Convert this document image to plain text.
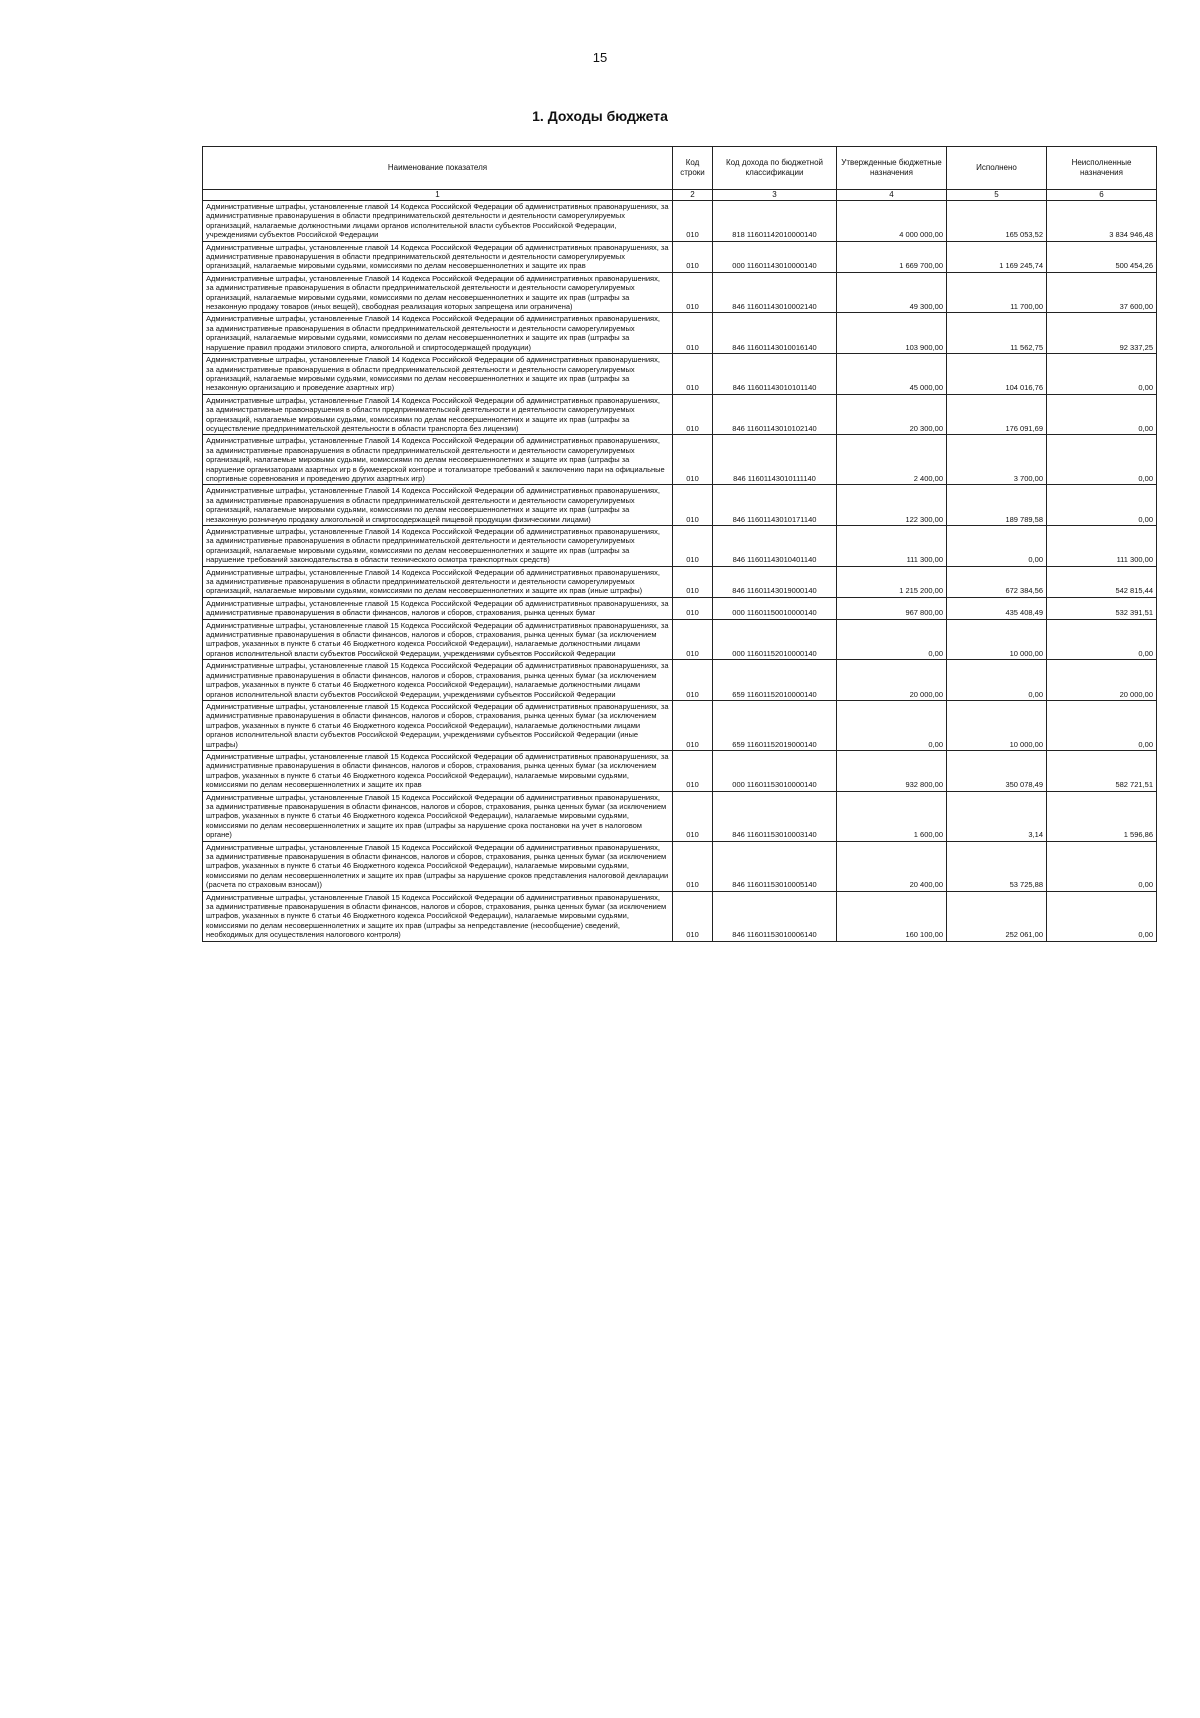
15
1. Доходы бюджета
Наименование показателя	Код строки	Код дохода по бюджетной классификации	Утвержденные бюджетные назначения	Исполнено	Неисполненные назначения
1	2	3	4	5	6
Административные штрафы, установленные главой 14 Кодекса Российской Федерации об административных правонарушениях, за административные правонарушения в области предпринимательской деятельности и деятельности саморегулируемых организаций, налагаемые должностными лицами органов исполнительной власти субъектов Российской Федерации, учреждениями субъектов Российской Федерации	010	818 11601142010000140	4 000 000,00	165 053,52	3 834 946,48
Административные штрафы, установленные главой 14 Кодекса Российской Федерации об административных правонарушениях, за административные правонарушения в области предпринимательской деятельности и деятельности саморегулируемых организаций, налагаемые мировыми судьями, комиссиями по делам несовершеннолетних и защите их прав	010	000 11601143010000140	1 669 700,00	1 169 245,74	500 454,26
Административные штрафы, установленные Главой 14 Кодекса Российской Федерации об административных правонарушениях, за административные правонарушения в области предпринимательской деятельности и деятельности саморегулируемых организаций, налагаемые мировыми судьями, комиссиями по делам несовершеннолетних и защите их прав (штрафы за незаконную продажу товаров (иных вещей), свободная реализация которых запрещена или ограничена)	010	846 11601143010002140	49 300,00	11 700,00	37 600,00
Административные штрафы, установленные Главой 14 Кодекса Российской Федерации об административных правонарушениях, за административные правонарушения в области предпринимательской деятельности и деятельности саморегулируемых организаций, налагаемые мировыми судьями, комиссиями по делам несовершеннолетних и защите их прав (штрафы за нарушение правил продажи этилового спирта, алкогольной и спиртосодержащей продукции)	010	846 11601143010016140	103 900,00	11 562,75	92 337,25
Административные штрафы, установленные Главой 14 Кодекса Российской Федерации об административных правонарушениях, за административные правонарушения в области предпринимательской деятельности и деятельности саморегулируемых организаций, налагаемые мировыми судьями, комиссиями по делам несовершеннолетних и защите их прав (штрафы за незаконную организацию и проведение азартных игр)	010	846 11601143010101140	45 000,00	104 016,76	0,00
Административные штрафы, установленные Главой 14 Кодекса Российской Федерации об административных правонарушениях, за административные правонарушения в области предпринимательской деятельности и деятельности саморегулируемых организаций, налагаемые мировыми судьями, комиссиями по делам несовершеннолетних и защите их прав (штрафы за осуществление предпринимательской деятельности в области транспорта без лицензии)	010	846 11601143010102140	20 300,00	176 091,69	0,00
Административные штрафы, установленные Главой 14 Кодекса Российской Федерации об административных правонарушениях, за административные правонарушения в области предпринимательской деятельности и деятельности саморегулируемых организаций, налагаемые мировыми судьями, комиссиями по делам несовершеннолетних и защите их прав (штрафы за нарушение организаторами азартных игр в букмекерской конторе и тотализаторе требований к заключению пари на официальные спортивные соревнования и проведению других азартных игр)	010	846 11601143010111140	2 400,00	3 700,00	0,00
Административные штрафы, установленные Главой 14 Кодекса Российской Федерации об административных правонарушениях, за административные правонарушения в области предпринимательской деятельности и деятельности саморегулируемых организаций, налагаемые мировыми судьями, комиссиями по делам несовершеннолетних и защите их прав (штрафы за незаконную розничную продажу алкогольной и спиртосодержащей пищевой продукции физическими лицами)	010	846 11601143010171140	122 300,00	189 789,58	0,00
Административные штрафы, установленные Главой 14 Кодекса Российской Федерации об административных правонарушениях, за административные правонарушения в области предпринимательской деятельности и деятельности саморегулируемых организаций, налагаемые мировыми судьями, комиссиями по делам несовершеннолетних и защите их прав (штрафы за нарушение требований законодательства в области технического осмотра транспортных средств)	010	846 11601143010401140	111 300,00	0,00	111 300,00
Административные штрафы, установленные Главой 14 Кодекса Российской Федерации об административных правонарушениях, за административные правонарушения в области предпринимательской деятельности и деятельности саморегулируемых организаций, налагаемые мировыми судьями, комиссиями по делам несовершеннолетних и защите их прав (иные штрафы)	010	846 11601143019000140	1 215 200,00	672 384,56	542 815,44
Административные штрафы, установленные главой 15 Кодекса Российской Федерации об административных правонарушениях, за административные правонарушения в области финансов, налогов и сборов, страхования, рынка ценных бумаг	010	000 11601150010000140	967 800,00	435 408,49	532 391,51
Административные штрафы, установленные главой 15 Кодекса Российской Федерации об административных правонарушениях, за административные правонарушения в области финансов, налогов и сборов, страхования, рынка ценных бумаг (за исключением штрафов, указанных в пункте 6 статьи 46 Бюджетного кодекса Российской Федерации), налагаемые должностными лицами органов исполнительной власти субъектов Российской Федерации, учреждениями субъектов Российской Федерации	010	000 11601152010000140	0,00	10 000,00	0,00
Административные штрафы, установленные главой 15 Кодекса Российской Федерации об административных правонарушениях, за административные правонарушения в области финансов, налогов и сборов, страхования, рынка ценных бумаг (за исключением штрафов, указанных в пункте 6 статьи 46 Бюджетного кодекса Российской Федерации), налагаемые должностными лицами органов исполнительной власти субъектов Российской Федерации, учреждениями субъектов Российской Федерации	010	659 11601152010000140	20 000,00	0,00	20 000,00
Административные штрафы, установленные главой 15 Кодекса Российской Федерации об административных правонарушениях, за административные правонарушения в области финансов, налогов и сборов, страхования, рынка ценных бумаг (за исключением штрафов, указанных в пункте 6 статьи 46 Бюджетного кодекса Российской Федерации), налагаемые должностными лицами органов исполнительной власти субъектов Российской Федерации, учреждениями субъектов Российской Федерации (иные штрафы)	010	659 11601152019000140	0,00	10 000,00	0,00
Административные штрафы, установленные главой 15 Кодекса Российской Федерации об административных правонарушениях, за административные правонарушения в области финансов, налогов и сборов, страхования, рынка ценных бумаг (за исключением штрафов, указанных в пункте 6 статьи 46 Бюджетного кодекса Российской Федерации), налагаемые мировыми судьями, комиссиями по делам несовершеннолетних и защите их прав	010	000 11601153010000140	932 800,00	350 078,49	582 721,51
Административные штрафы, установленные Главой 15 Кодекса Российской Федерации об административных правонарушениях, за административные правонарушения в области финансов, налогов и сборов, страхования, рынка ценных бумаг (за исключением штрафов, указанных в пункте 6 статьи 46 Бюджетного кодекса Российской Федерации), налагаемые мировыми судьями, комиссиями по делам несовершеннолетних и защите их прав (штрафы за нарушение срока постановки на учет в налоговом органе)	010	846 11601153010003140	1 600,00	3,14	1 596,86
Административные штрафы, установленные Главой 15 Кодекса Российской Федерации об административных правонарушениях, за административные правонарушения в области финансов, налогов и сборов, страхования, рынка ценных бумаг (за исключением штрафов, указанных в пункте 6 статьи 46 Бюджетного кодекса Российской Федерации), налагаемые мировыми судьями, комиссиями по делам несовершеннолетних и защите их прав (штрафы за нарушение сроков представления налоговой декларации (расчета по страховым взносам))	010	846 11601153010005140	20 400,00	53 725,88	0,00
Административные штрафы, установленные Главой 15 Кодекса Российской Федерации об административных правонарушениях, за административные правонарушения в области финансов, налогов и сборов, страхования, рынка ценных бумаг (за исключением штрафов, указанных в пункте 6 статьи 46 Бюджетного кодекса Российской Федерации), налагаемые мировыми судьями, комиссиями по делам несовершеннолетних и защите их прав (штрафы за непредставление (несообщение) сведений, необходимых для осуществления налогового контроля)	010	846 11601153010006140	160 100,00	252 061,00	0,00
